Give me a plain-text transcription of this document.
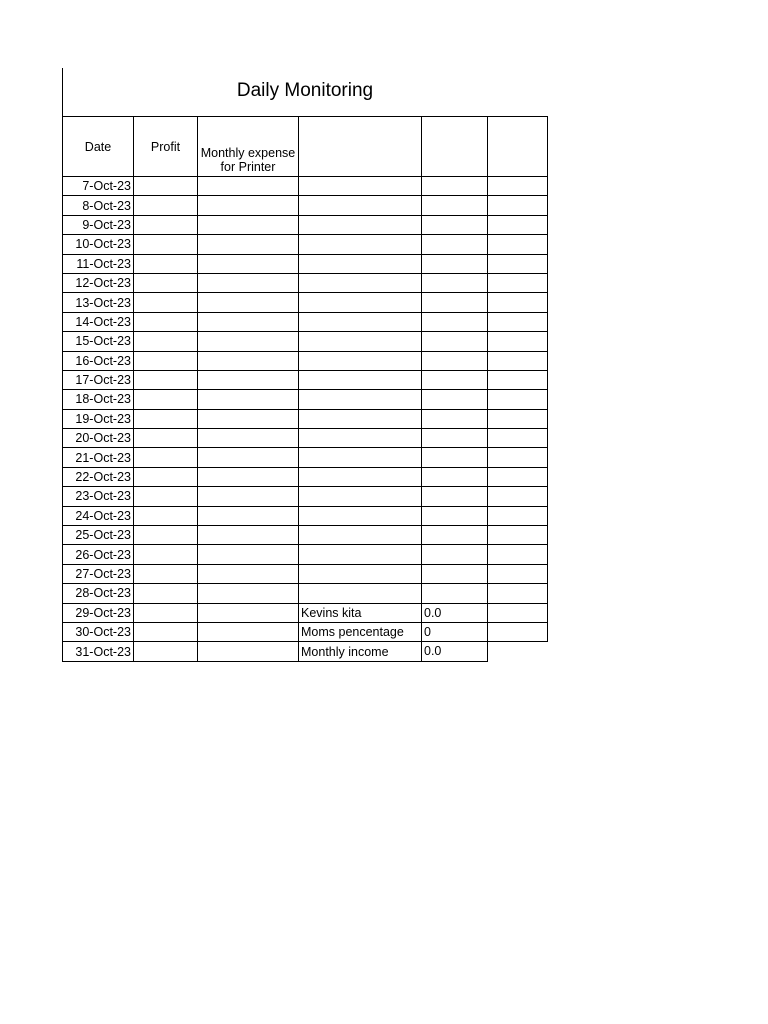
Daily Monitoring
Date	Profit	Monthly expense for Printer			
7-Oct-23					
8-Oct-23					
9-Oct-23					
10-Oct-23					
11-Oct-23					
12-Oct-23					
13-Oct-23					
14-Oct-23					
15-Oct-23					
16-Oct-23					
17-Oct-23					
18-Oct-23					
19-Oct-23					
20-Oct-23					
21-Oct-23					
22-Oct-23					
23-Oct-23					
24-Oct-23					
25-Oct-23					
26-Oct-23					
27-Oct-23					
28-Oct-23					
29-Oct-23			Kevins kita	0.0	
30-Oct-23			Moms pencentage	0	
31-Oct-23			Monthly income	0.0	
